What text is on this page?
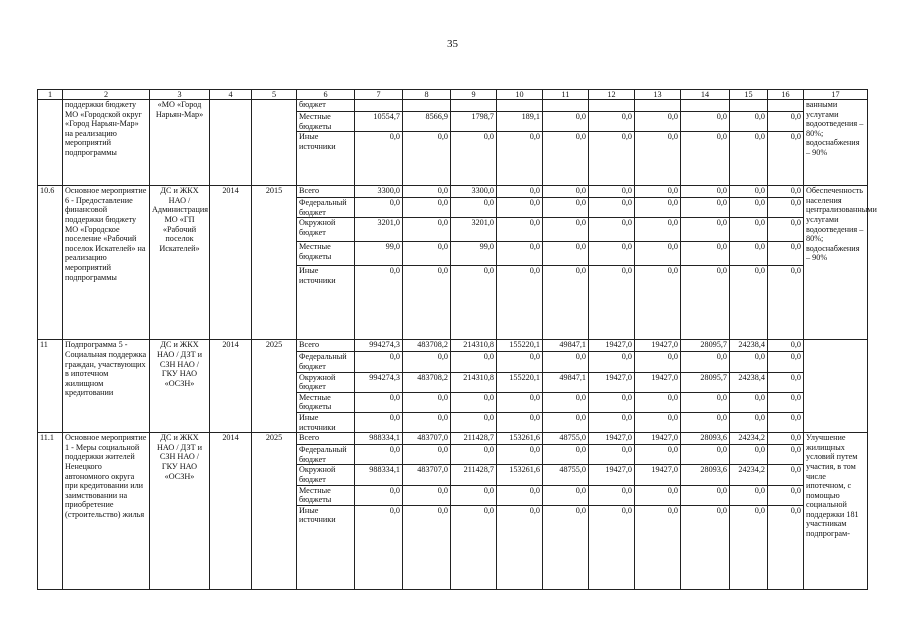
35
1	2	3	4	5	6	7	8	9	10	11	12	13	14	15	16	17
	поддержки бюджету МО «Городской округ «Город Нарьян-Мар» на реализацию мероприятий подпрограммы	«МО «Город Нарьян-Мар»			бюджет											ванными услугами водоотведения – 80%; водоснабжения – 90%
					Местные бюджеты	10554,7	8566,9	1798,7	189,1	0,0	0,0	0,0	0,0	0,0	0,0	
					Иные источники	0,0	0,0	0,0	0,0	0,0	0,0	0,0	0,0	0,0	0,0	
10.6	Основное мероприятие 6 - Предоставление финансовой поддержки бюджету МО «Городское поселение «Рабочий поселок Искателей» на реализацию мероприятий подпрограммы	ДС и ЖКХ НАО / Администрация МО «ГП «Рабочий поселок Искателей»	2014	2015	Всего	3300,0	0,0	3300,0	0,0	0,0	0,0	0,0	0,0	0,0	0,0	Обеспеченность населения централизованными услугами водоотведения – 80%; водоснабжения – 90%
					Федеральный бюджет	0,0	0,0	0,0	0,0	0,0	0,0	0,0	0,0	0,0	0,0	
					Окружной бюджет	3201,0	0,0	3201,0	0,0	0,0	0,0	0,0	0,0	0,0	0,0	
					Местные бюджеты	99,0	0,0	99,0	0,0	0,0	0,0	0,0	0,0	0,0	0,0	
					Иные источники	0,0	0,0	0,0	0,0	0,0	0,0	0,0	0,0	0,0	0,0	
11	Подпрограмма 5 - Социальная поддержка граждан, участвующих в ипотечном жилищном кредитовании	ДС и ЖКХ НАО / ДЗТ и СЗН НАО / ГКУ НАО «ОСЗН»	2014	2025	Всего	994274,3	483708,2	214310,8	155220,1	49847,1	19427,0	19427,0	28095,7	24238,4	0,0	
					Федеральный бюджет	0,0	0,0	0,0	0,0	0,0	0,0	0,0	0,0	0,0	0,0	
					Окружной бюджет	994274,3	483708,2	214310,8	155220,1	49847,1	19427,0	19427,0	28095,7	24238,4	0,0	
					Местные бюджеты	0,0	0,0	0,0	0,0	0,0	0,0	0,0	0,0	0,0	0,0	
					Иные источники	0,0	0,0	0,0	0,0	0,0	0,0	0,0	0,0	0,0	0,0	
11.1	Основное мероприятие 1 - Меры социальной поддержки жителей Ненецкого автономного округа при кредитовании или заимствовании на приобретение (строительство) жилья	ДС и ЖКХ НАО / ДЗТ и СЗН НАО / ГКУ НАО «ОСЗН»	2014	2025	Всего	988334,1	483707,0	211428,7	153261,6	48755,0	19427,0	19427,0	28093,6	24234,2	0,0	Улучшение жилищных условий путем участия, в том числе ипотечном, с помощью социальной поддержки 181 участникам подпрограм-
					Федеральный бюджет	0,0	0,0	0,0	0,0	0,0	0,0	0,0	0,0	0,0	0,0	
					Окружной бюджет	988334,1	483707,0	211428,7	153261,6	48755,0	19427,0	19427,0	28093,6	24234,2	0,0	
					Местные бюджеты	0,0	0,0	0,0	0,0	0,0	0,0	0,0	0,0	0,0	0,0	
					Иные источники	0,0	0,0	0,0	0,0	0,0	0,0	0,0	0,0	0,0	0,0	
